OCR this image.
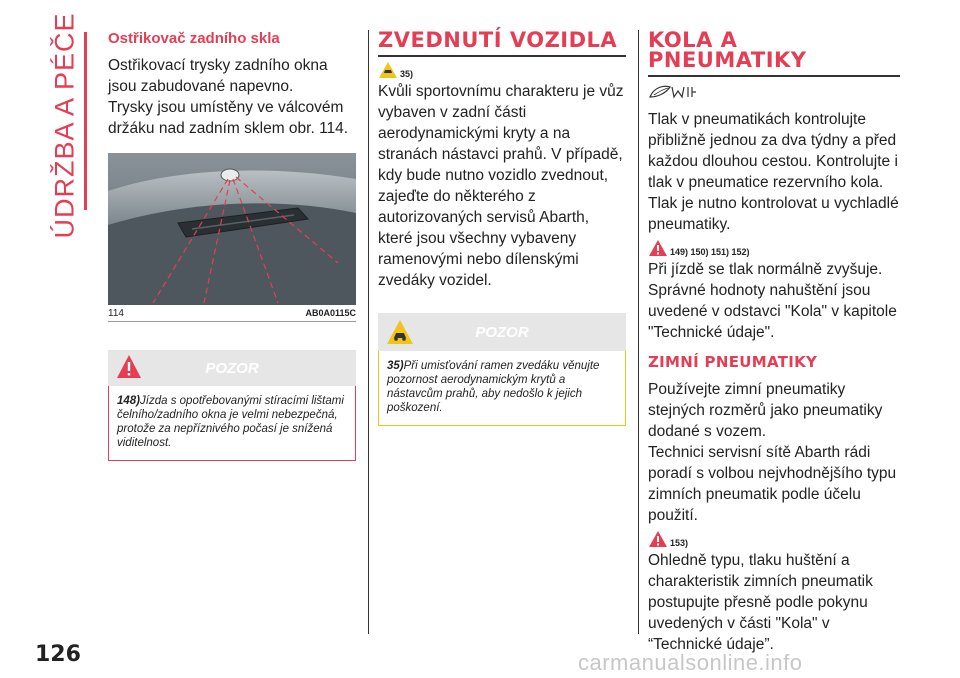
ÚDRŽBA A PÉČE Ostřikovač zadního skla

Ostřikovací trysky zadního okna jsou zabudované napevno.

Trysky jsou umístěny ve válcovém držáku nad zadním sklem obr. 114.

114	AB0A0115C
POZOR
148)Jízda s opotřebovanými stíracími lištami čelního/zadního okna je velmi nebezpečná, protože za nepříznivého počasí je snížená viditelnost.
ZVEDNUTÍ VOZIDLA
35)

Kvůli sportovnímu charakteru je vůz vybaven v zadní části aerodynamickými kryty a na stranách nástavci prahů. V případě, kdy bude nutno vozidlo zvednout, zajeďte do některého z autorizovaných servisů Abarth, které jsou všechny vybaveny ramenovými nebo dílenskými zvedáky vozidel.

POZOR
35)Při umisťování ramen zvedáku věnujte pozornost aerodynamickým krytů a nástavcům prahů, aby nedošlo k jejich poškození.
KOLA A
PNEUMATIKY

Tlak v pneumatikách kontrolujte přibližně jednou za dva týdny a před každou dlouhou cestou. Kontrolujte i tlak v pneumatice rezervního kola. Tlak je nutno kontrolovat u vychladlé pneumatiky.

149) 150) 151) 152)

Při jízdě se tlak normálně zvyšuje. Správné hodnoty nahuštění jsou uvedené v odstavci "Kola" v kapitole "Technické údaje".

ZIMNÍ PNEUMATIKY

Používejte zimní pneumatiky stejných rozměrů jako pneumatiky dodané s vozem.

Technici servisní sítě Abarth rádi poradí s volbou nejvhodnějšího typu zimních pneumatik podle účelu použití.

153)

Ohledně typu, tlaku huštění a charakteristik zimních pneumatik postupujte přesně podle pokynu uvedených v části "Kola" v “Technické údaje”.

126	carmanualsonline.info
